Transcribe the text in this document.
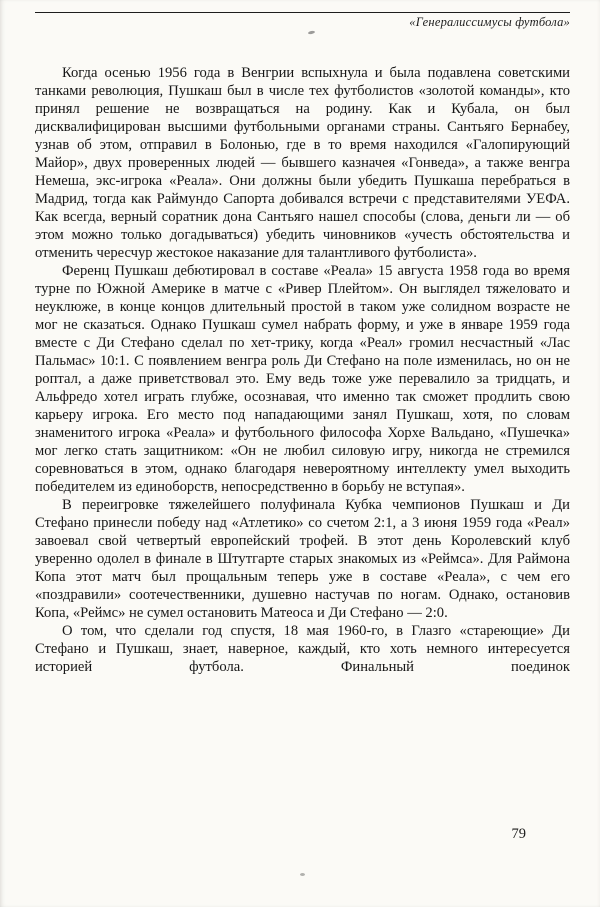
«Генералиссимусы футбола»

Когда осенью 1956 года в Венгрии вспыхнула и была подавлена советскими танками революция, Пушкаш был в числе тех футболистов «золотой команды», кто принял решение не возвращаться на родину. Как и Кубала, он был дисквалифицирован высшими футбольными органами страны. Сантьяго Бернабеу, узнав об этом, отправил в Болонью, где в то время находился «Галопирующий Майор», двух проверенных людей — бывшего казначея «Гонведа», а также венгра Немеша, экс-игрока «Реала». Они должны были убедить Пушкаша перебраться в Мадрид, тогда как Раймундо Сапорта добивался встречи с представителями УЕФА. Как всегда, верный соратник дона Сантьяго нашел способы (слова, деньги ли — об этом можно только догадываться) убедить чиновников «учесть обстоятельства и отменить чересчур жестокое наказание для талантливого футболиста».

Ференц Пушкаш дебютировал в составе «Реала» 15 августа 1958 года во время турне по Южной Америке в матче с «Ривер Плейтом». Он выглядел тяжеловато и неуклюже, в конце концов длительный простой в таком уже солидном возрасте не мог не сказаться. Однако Пушкаш сумел набрать форму, и уже в январе 1959 года вместе с Ди Стефано сделал по хет-трику, когда «Реал» громил несчастный «Лас Пальмас» 10:1. С появлением венгра роль Ди Стефано на поле изменилась, но он не роптал, а даже приветствовал это. Ему ведь тоже уже перевалило за тридцать, и Альфредо хотел играть глубже, осознавая, что именно так сможет продлить свою карьеру игрока. Его место под нападающими занял Пушкаш, хотя, по словам знаменитого игрока «Реала» и футбольного философа Хорхе Вальдано, «Пушечка» мог легко стать защитником: «Он не любил силовую игру, никогда не стремился соревноваться в этом, однако благодаря невероятному интеллекту умел выходить победителем из единоборств, непосредственно в борьбу не вступая».

В переигровке тяжелейшего полуфинала Кубка чемпионов Пушкаш и Ди Стефано принесли победу над «Атлетико» со счетом 2:1, а 3 июня 1959 года «Реал» завоевал свой четвертый европейский трофей. В этот день Королевский клуб уверенно одолел в финале в Штутгарте старых знакомых из «Реймса». Для Раймона Копа этот матч был прощальным теперь уже в составе «Реала», с чем его «поздравили» соотечественники, душевно настучав по ногам. Однако, остановив Копа, «Реймс» не сумел остановить Матеоса и Ди Стефано — 2:0.

О том, что сделали год спустя, 18 мая 1960-го, в Глазго «стареющие» Ди Стефано и Пушкаш, знает, наверное, каждый, кто хоть немного интересуется историей футбола. Финальный поединок

79
